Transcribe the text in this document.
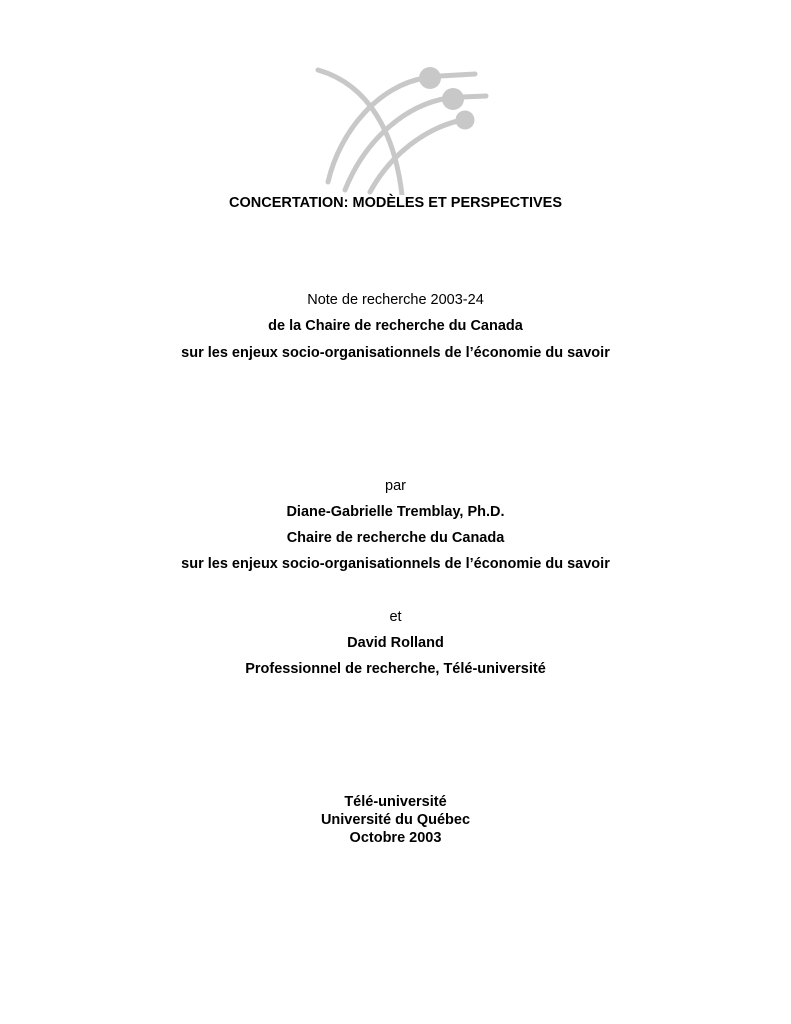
CONCERTATION: MODÈLES ET PERSPECTIVES
Note de recherche 2003-24
de la Chaire de recherche du Canada
sur les enjeux socio-organisationnels de l’économie du savoir
par
Diane-Gabrielle Tremblay, Ph.D.
Chaire de recherche du Canada
sur les enjeux socio-organisationnels de l’économie du savoir
et
David Rolland
Professionnel de recherche, Télé-université
Télé-université
Université du Québec
Octobre 2003
